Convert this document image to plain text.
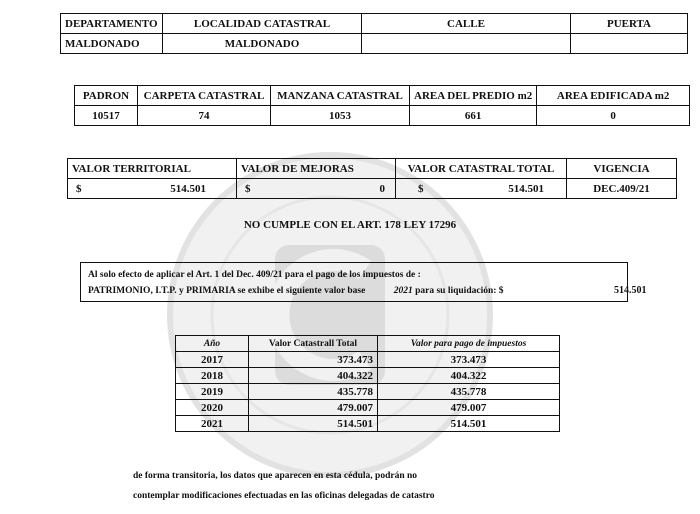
DEPARTAMENTO	LOCALIDAD CATASTRAL	CALLE	PUERTA
MALDONADO	MALDONADO		
PADRON	CARPETA CATASTRAL	MANZANA CATASTRAL	AREA DEL PREDIO m2	AREA EDIFICADA m2
10517	74	1053	661	0
VALOR TERRITORIAL	VALOR DE MEJORAS	VALOR CATASTRAL TOTAL	VIGENCIA
$ 514.501	$ 0	$ 514.501	DEC.409/21
NO CUMPLE CON EL ART. 178 LEY 17296
Al solo efecto de aplicar el Art. 1 del Dec. 409/21 para el pago de los impuestos de :
PATRIMONIO, I.T.P. y PRIMARIA se exhibe el siguiente valor base	2021 para su liquidación: $	514.501
Año	Valor Catastrall Total	Valor para pago de impuestos
2017	373.473	373.473
2018	404.322	404.322
2019	435.778	435.778
2020	479.007	479.007
2021	514.501	514.501
de forma transitoria, los datos que aparecen en esta cédula, podrán no
contemplar modificaciones efectuadas en las oficinas delegadas de catastro
